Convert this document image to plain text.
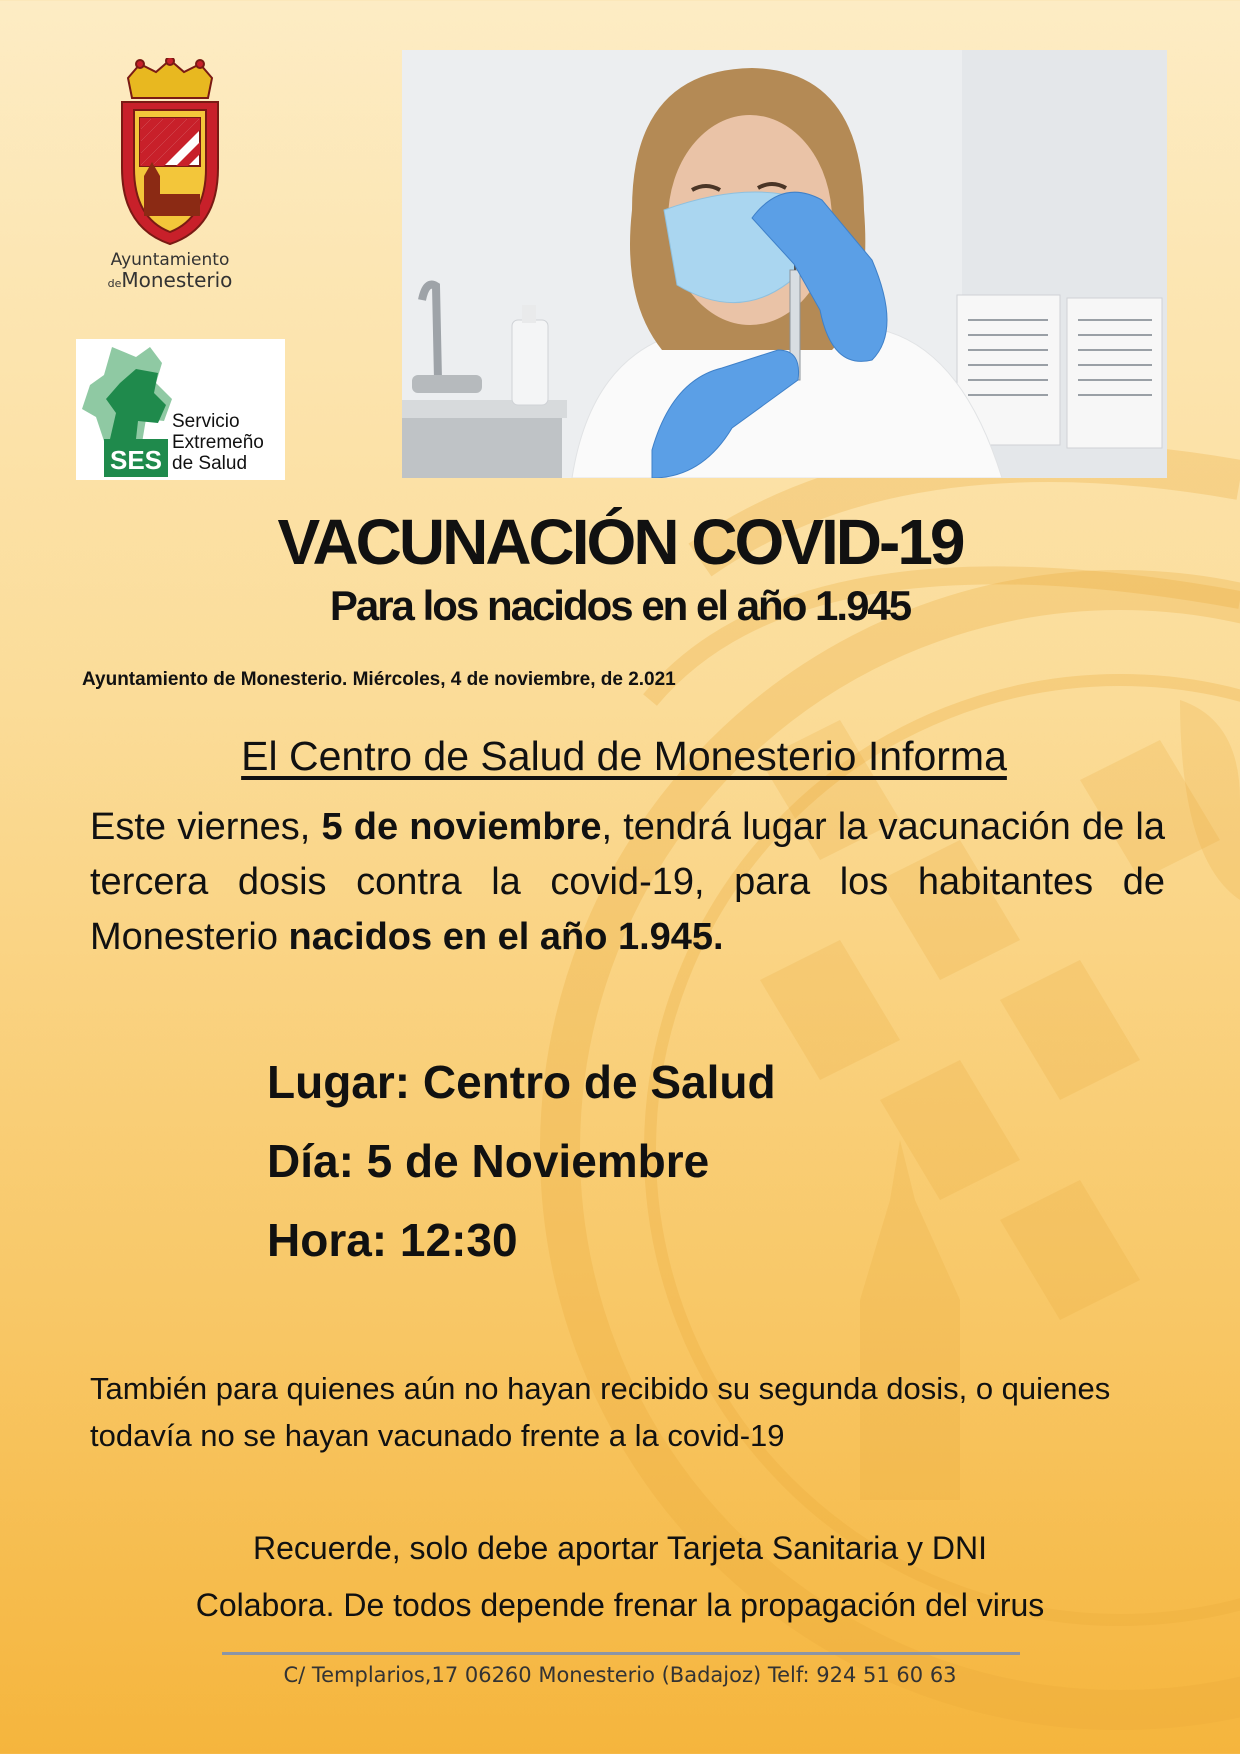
Ayuntamiento
deMonesterio
SES
Servicio
Extremeño
de Salud
VACUNACIÓN COVID-19
Para los nacidos en el año 1.945
Ayuntamiento de Monesterio. Miércoles, 4 de noviembre, de 2.021
El Centro de Salud de Monesterio Informa
Este viernes, 5 de noviembre, tendrá lugar la vacunación de la tercera dosis contra la covid-19, para los habitantes de Monesterio nacidos en el año 1.945.
Lugar: Centro de Salud
Día: 5 de Noviembre
Hora: 12:30
También para quienes aún no hayan recibido su segunda dosis, o quienes todavía no se hayan vacunado frente a la covid-19
Recuerde, solo debe aportar Tarjeta Sanitaria y DNI
Colabora. De todos depende frenar la propagación del virus
C/ Templarios,17 06260 Monesterio (Badajoz) Telf: 924 51 60 63
